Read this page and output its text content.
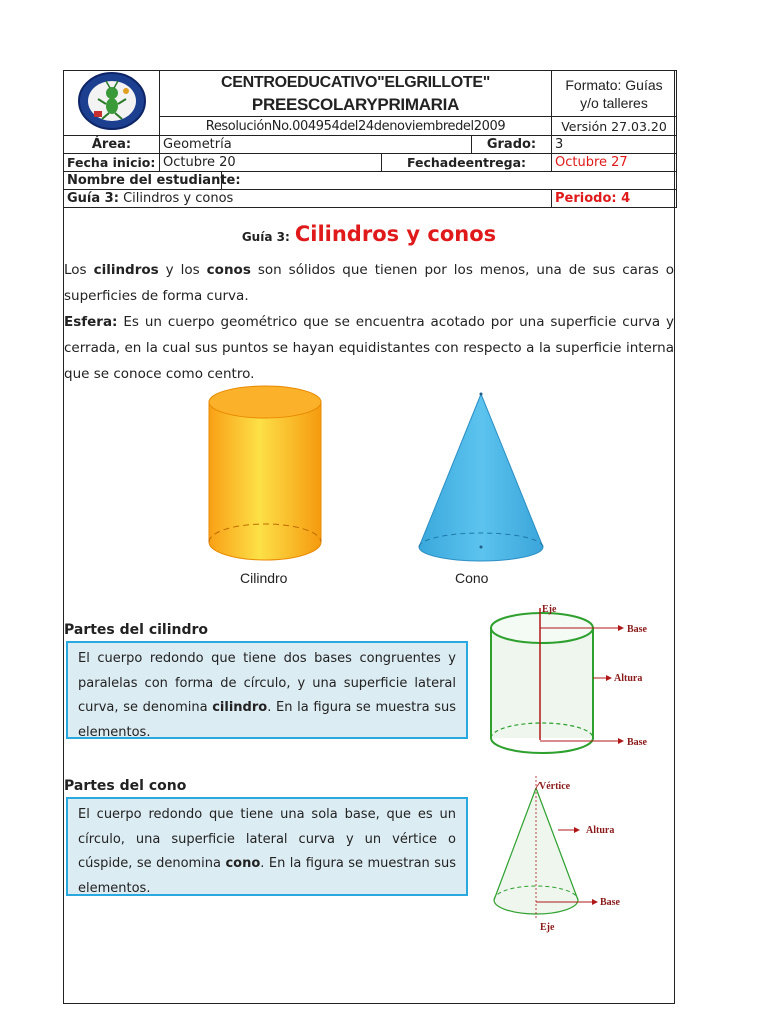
CENTROEDUCATIVO"ELGRILLOTE"
PREESCOLARYPRIMARIA				Formato: Guías y/o talleres
	ResoluciónNo.004954del24denoviembredel2009				Versión 27.03.20
Área:	Geometría			Grado:	3
Fecha inicio:	Octubre 20		Fechadeentrega:		Octubre 27
Nombre del estudiante:					
Guía 3: Cilindros y conos					Periodo: 4
Guía 3: Cilindros y conos
Los cilindros y los conos son sólidos que tienen por los menos, una de sus caras o superficies de forma curva.
Esfera: Es un cuerpo geométrico que se encuentra acotado por una superficie curva y cerrada, en la cual sus puntos se hayan equidistantes con respecto a la superficie interna que se conoce como centro.
Cilindro	Cono
Partes del cilindro
El cuerpo redondo que tiene dos bases congruentes y paralelas con forma de círculo, y una superficie lateral curva, se denomina cilindro. En la figura se muestra sus elementos.
Eje
Base
Altura
Base
Partes del cono
El cuerpo redondo que tiene una sola base, que es un círculo, una superficie lateral curva y un vértice o cúspide, se denomina cono. En la figura se muestran sus elementos.
Vértice
Altura
Base
Eje
